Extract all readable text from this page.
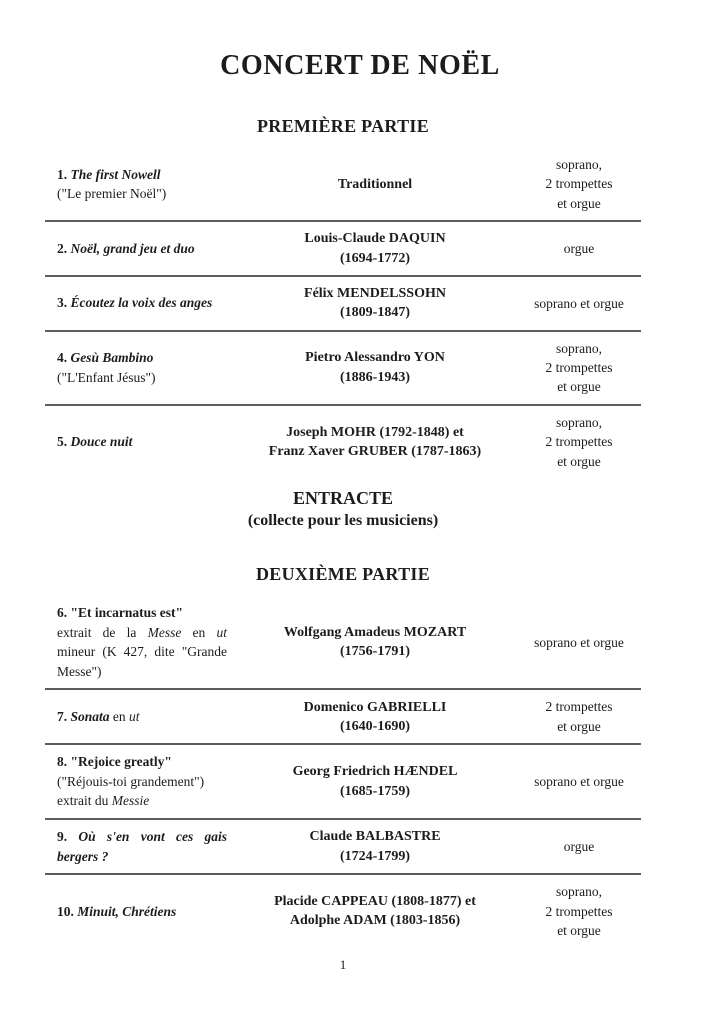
CONCERT DE NOËL
PREMIÈRE PARTIE

1. The first Nowell

("Le premier Noël")

Traditionnel
soprano,
2 trompettes
et orgue

2. Noël, grand jeu et duo

Louis-Claude DAQUIN
(1694-1772)
orgue

3. Écoutez la voix des anges

Félix MENDELSSOHN
(1809-1847)
soprano et orgue

4. Gesù Bambino

("L'Enfant Jésus")

Pietro Alessandro YON
(1886-1943)
soprano,
2 trompettes
et orgue

5. Douce nuit

Joseph MOHR (1792-1848) et
Franz Xaver GRUBER (1787-1863)
soprano,
2 trompettes
et orgue

ENTRACTE

(collecte pour les musiciens)

DEUXIÈME PARTIE

6. "Et incarnatus est"

extrait de la Messe en ut mineur (K 427, dite "Grande Messe")

Wolfgang Amadeus MOZART
(1756-1791)
soprano et orgue

7. Sonata en ut

Domenico GABRIELLI
(1640-1690)
2 trompettes
et orgue

8. "Rejoice greatly"

("Réjouis-toi grandement")

extrait du Messie

Georg Friedrich HÆNDEL
(1685-1759)
soprano et orgue

9. Où s'en vont ces gais bergers ?

Claude BALBASTRE
(1724-1799)
orgue

10. Minuit, Chrétiens

Placide CAPPEAU (1808-1877) et
Adolphe ADAM (1803-1856)
soprano,
2 trompettes
et orgue
1
